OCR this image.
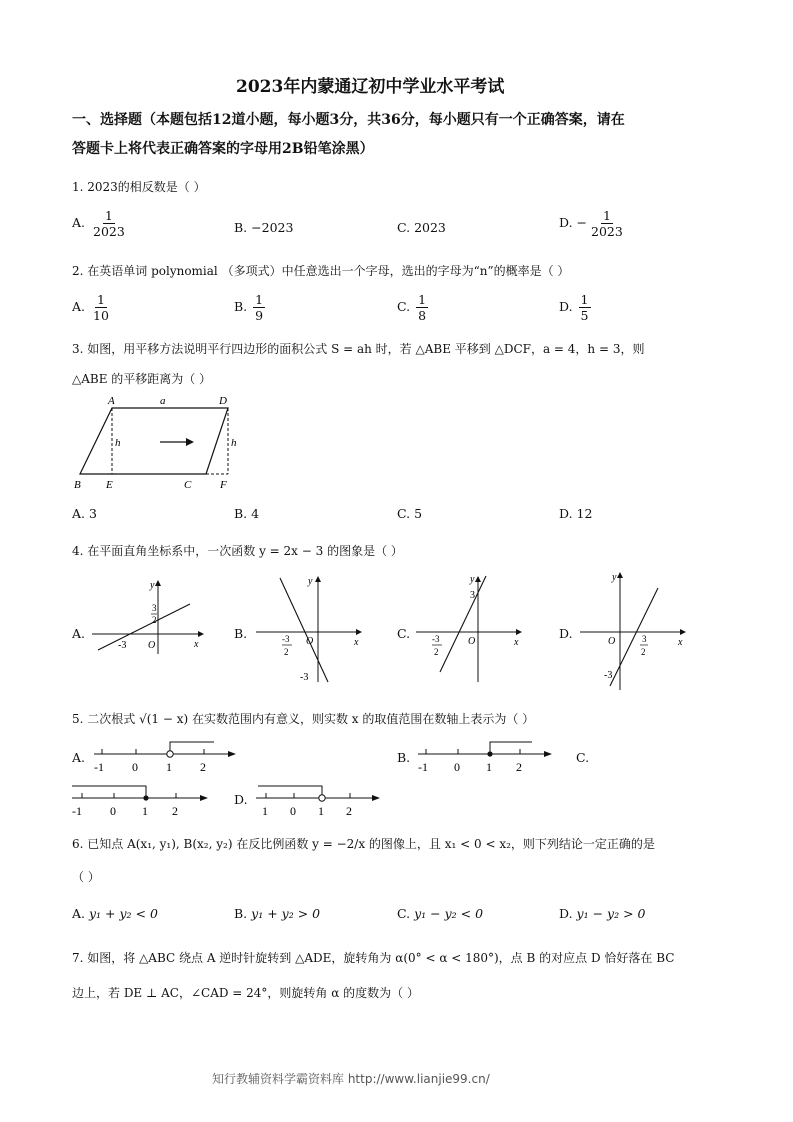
2023年内蒙通辽初中学业水平考试
一、选择题（本题包括12道小题，每小题3分，共36分，每小题只有一个正确答案，请在
答题卡上将代表正确答案的字母用2B铅笔涂黑）
1. 2023的相反数是（ ）
A. $\frac{1}{2023}$	B. −2023	C. 2023	D. − $\frac{1}{2023}$
2. 在英语单词 polynomial （多项式）中任意选出一个字母，选出的字母为“n”的概率是（ ）
A. $\frac{1}{10}$	B. $\frac{1}{9}$	C. $\frac{1}{8}$	D. $\frac{1}{5}$
3. 如图，用平移方法说明平行四边形的面积公式 S = ah 时，若 △ABE 平移到 △DCF，a = 4，h = 3，则
△ABE 的平移距离为（ ）
A	a	D
h	h
B E	C	F
A. 3	B. 4	C. 5	D. 12
4. 在平面直角坐标系中，一次函数 y = 2x − 3 的图象是（ ）
A.
y
x
O
-3
3
2
B.
y
x
O
-3
2
-3
C.
y
x
O
-3
2
3
D.
y
x
O	3
2
-3
5. 二次根式 √(1 − x) 在实数范围内有意义，则实数 x 的取值范围在数轴上表示为（ ）
A.
-1 0 1 2
B.
-1 0 1 2
C.
-1 0 1 2
D.
1 0 1 2
6. 已知点 A(x₁, y₁), B(x₂, y₂) 在反比例函数 y = −2/x 的图像上，且 x₁ < 0 < x₂，则下列结论一定正确的是
（ ）
A. y₁ + y₂ < 0	B. y₁ + y₂ > 0	C. y₁ − y₂ < 0	D. y₁ − y₂ > 0
7. 如图，将 △ABC 绕点 A 逆时针旋转到 △ADE，旋转角为 α(0° < α < 180°)，点 B 的对应点 D 恰好落在 BC
边上，若 DE ⊥ AC，∠CAD = 24°，则旋转角 α 的度数为（ ）
知行教辅资料学霸资料库 http://www.lianjie99.cn/
